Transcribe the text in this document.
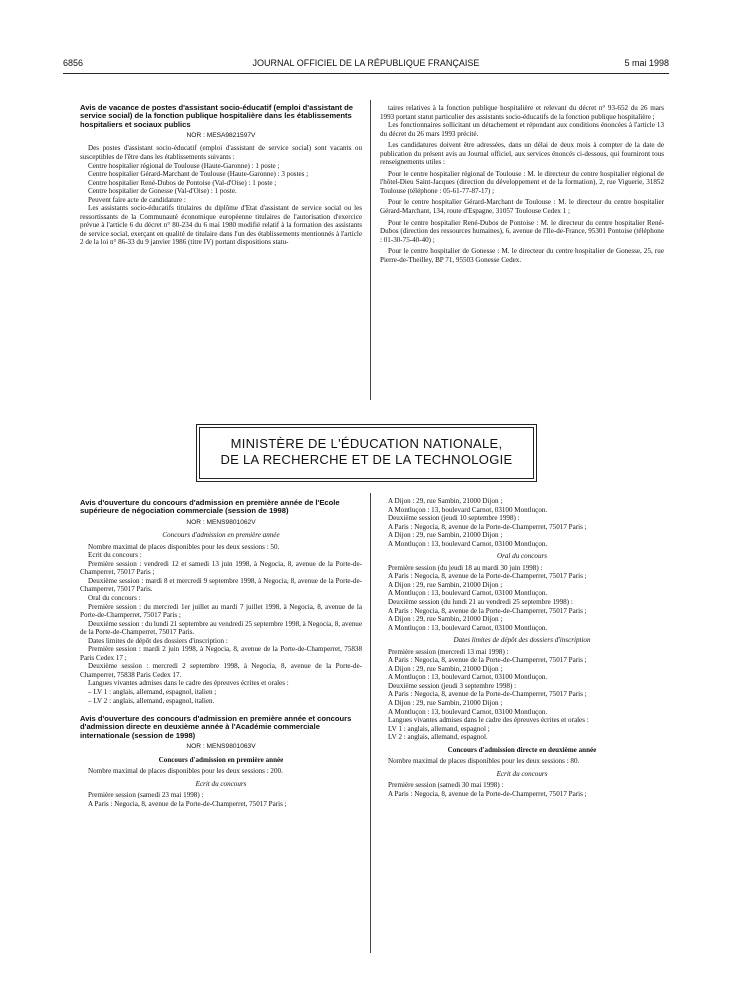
6856	JOURNAL OFFICIEL DE LA RÉPUBLIQUE FRANÇAISE	5 mai 1998

Avis de vacance de postes d'assistant socio-éducatif (emploi d'assistant de service social) de la fonction publique hospitalière dans les établissements hospitaliers et sociaux publics

NOR : MESA9821597V

Des postes d'assistant socio-éducatif (emploi d'assistant de service social) sont vacants ou susceptibles de l'être dans les établissements suivants :

Centre hospitalier régional de Toulouse (Haute-Garonne) : 1 poste ;

Centre hospitalier Gérard-Marchant de Toulouse (Haute-Garonne) : 3 postes ;

Centre hospitalier René-Dubos de Pontoise (Val-d'Oise) : 1 poste ;

Centre hospitalier de Gonesse (Val-d'Oise) : 1 poste.

Peuvent faire acte de candidature :

Les assistants socio-éducatifs titulaires du diplôme d'Etat d'assistant de service social ou les ressortissants de la Communauté économique européenne titulaires de l'autorisation d'exercice prévue à l'article 6 du décret n° 80-234 du 6 mai 1980 modifié relatif à la formation des assistants de service social, exerçant en qualité de titulaire dans l'un des établissements mentionnés à l'article 2 de la loi n° 86-33 du 9 janvier 1986 (titre IV) portant dispositions statu-

taires relatives à la fonction publique hospitalière et relevant du décret n° 93-652 du 26 mars 1993 portant statut particulier des assistants socio-éducatifs de la fonction publique hospitalière ;

Les fonctionnaires sollicitant un détachement et répondant aux conditions énoncées à l'article 13 du décret du 26 mars 1993 précité.

Les candidatures doivent être adressées, dans un délai de deux mois à compter de la date de publication du présent avis au Journal officiel, aux services énoncés ci-dessous, qui fourniront tous renseignements utiles :

Pour le centre hospitalier régional de Toulouse : M. le directeur du centre hospitalier régional de l'hôtel-Dieu Saint-Jacques (direction du développement et de la formation), 2, rue Viguerie, 31852 Toulouse (téléphone : 05-61-77-87-17) ;

Pour le centre hospitalier Gérard-Marchant de Toulouse : M. le directeur du centre hospitalier Gérard-Marchant, 134, route d'Espagne, 31057 Toulouse Cedex 1 ;

Pour le centre hospitalier René-Dubos de Pontoise : M. le directeur du centre hospitalier René-Dubos (direction des ressources humaines), 6, avenue de l'Ile-de-France, 95301 Pontoise (téléphone : 01-30-75-40-40) ;

Pour le centre hospitalier de Gonesse : M. le directeur du centre hospitalier de Gonesse, 25, rue Pierre-de-Theilley, BP 71, 95503 Gonesse Cedex.

MINISTÈRE DE L'ÉDUCATION NATIONALE,
DE LA RECHERCHE ET DE LA TECHNOLOGIE

Avis d'ouverture du concours d'admission en première année de l'Ecole supérieure de négociation commerciale (session de 1998)

NOR : MENS9801062V

Concours d'admission en première année

Nombre maximal de places disponibles pour les deux sessions : 50.

Ecrit du concours :

Première session : vendredi 12 et samedi 13 juin 1998, à Negocia, 8, avenue de la Porte-de-Champerret, 75017 Paris ;

Deuxième session : mardi 8 et mercredi 9 septembre 1998, à Negocia, 8, avenue de la Porte-de-Champerret, 75017 Paris.

Oral du concours :

Première session : du mercredi 1er juillet au mardi 7 juillet 1998, à Negocia, 8, avenue de la Porte-de-Champerret, 75017 Paris ;

Deuxième session : du lundi 21 septembre au vendredi 25 septembre 1998, à Negocia, 8, avenue de la Porte-de-Champerret, 75017 Paris.

Dates limites de dépôt des dossiers d'inscription :

Première session : mardi 2 juin 1998, à Negocia, 8, avenue de la Porte-de-Champerret, 75838 Paris Cedex 17 ;

Deuxième session : mercredi 2 septembre 1998, à Negocia, 8, avenue de la Porte-de-Champerret, 75838 Paris Cedex 17.

Langues vivantes admises dans le cadre des épreuves écrites et orales :

– LV 1 : anglais, allemand, espagnol, italien ;

– LV 2 : anglais, allemand, espagnol, italien.

Avis d'ouverture des concours d'admission en première année et concours d'admission directe en deuxième année à l'Académie commerciale internationale (session de 1998)

NOR : MENS9801063V

Concours d'admission en première année

Nombre maximal de places disponibles pour les deux sessions : 200.

Ecrit du concours

Première session (samedi 23 mai 1998) :

A Paris : Negocia, 8, avenue de la Porte-de-Champerret, 75017 Paris ;

A Dijon : 29, rue Sambin, 21000 Dijon ;

A Montluçon : 13, boulevard Carnot, 03100 Montluçon.

Deuxième session (jeudi 10 septembre 1998) :

A Paris : Negocia, 8, avenue de la Porte-de-Champerret, 75017 Paris ;

A Dijon : 29, rue Sambin, 21000 Dijon ;

A Montluçon : 13, boulevard Carnot, 03100 Montluçon.

Oral du concours

Première session (du jeudi 18 au mardi 30 juin 1998) :

A Paris : Negocia, 8, avenue de la Porte-de-Champerret, 75017 Paris ;

A Dijon : 29, rue Sambin, 21000 Dijon ;

A Montluçon : 13, boulevard Carnot, 03100 Montluçon.

Deuxième session (du lundi 21 au vendredi 25 septembre 1998) :

A Paris : Negocia, 8, avenue de la Porte-de-Champerret, 75017 Paris ;

A Dijon : 29, rue Sambin, 21000 Dijon ;

A Montluçon : 13, boulevard Carnot, 03100 Montluçon.

Dates limites de dépôt des dossiers d'inscription

Première session (mercredi 13 mai 1998) :

A Paris : Negocia, 8, avenue de la Porte-de-Champerret, 75017 Paris ;

A Dijon : 29, rue Sambin, 21000 Dijon ;

A Montluçon : 13, boulevard Carnot, 03100 Montluçon.

Deuxième session (jeudi 3 septembre 1998) :

A Paris : Negocia, 8, avenue de la Porte-de-Champerret, 75017 Paris ;

A Dijon : 29, rue Sambin, 21000 Dijon ;

A Montluçon : 13, boulevard Carnot, 03100 Montluçon.

Langues vivantes admises dans le cadre des épreuves écrites et orales :

LV 1 : anglais, allemand, espagnol ;

LV 2 : anglais, allemand, espagnol.

Concours d'admission directe en deuxième année

Nombre maximal de places disponibles pour les deux sessions : 80.

Ecrit du concours

Première session (samedi 30 mai 1998) :

A Paris : Negocia, 8, avenue de la Porte-de-Champerret, 75017 Paris ;
